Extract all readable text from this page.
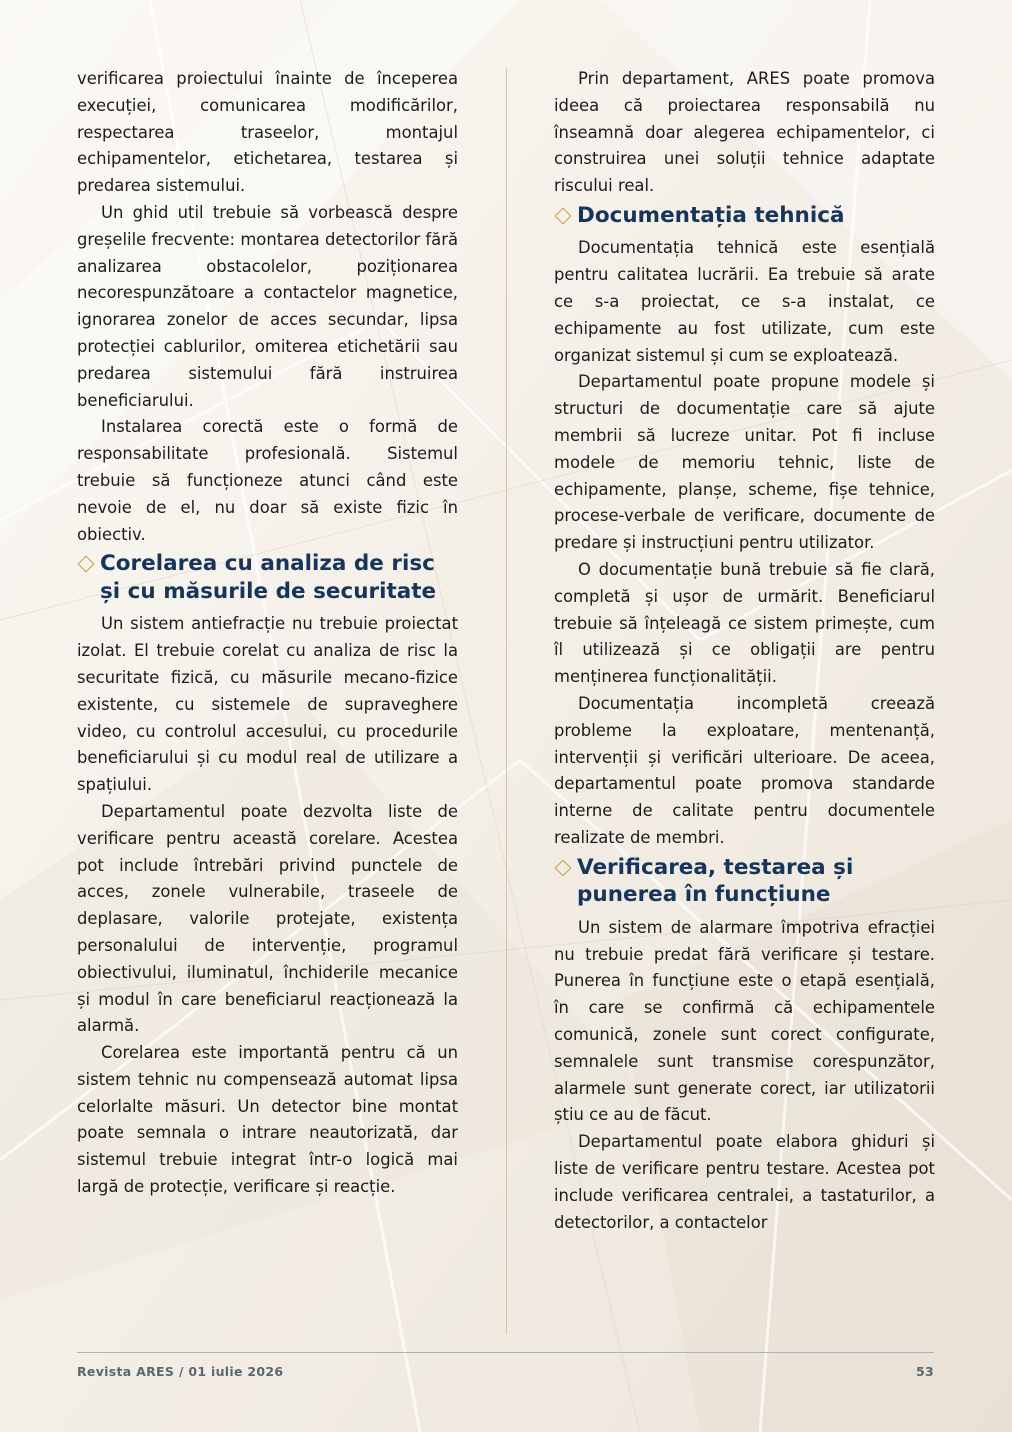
verificarea proiectului înainte de începerea execuției, comunicarea modificărilor, respectarea traseelor, montajul echipamentelor, etichetarea, testarea și predarea sistemului.

Un ghid util trebuie să vorbească despre greșelile frecvente: montarea detectorilor fără analizarea obstacolelor, poziționarea necorespunzătoare a contactelor magnetice, ignorarea zonelor de acces secundar, lipsa protecției cablurilor, omiterea etichetării sau predarea sistemului fără instruirea beneficiarului.

Instalarea corectă este o formă de responsabilitate profesională. Sistemul trebuie să funcționeze atunci când este nevoie de el, nu doar să existe fizic în obiectiv.

Corelarea cu analiza de risc și cu măsurile de securitate

Un sistem antiefracție nu trebuie proiectat izolat. El trebuie corelat cu analiza de risc la securitate fizică, cu măsurile mecano-fizice existente, cu sistemele de supraveghere video, cu controlul accesului, cu procedurile beneficiarului și cu modul real de utilizare a spațiului.

Departamentul poate dezvolta liste de verificare pentru această corelare. Acestea pot include întrebări privind punctele de acces, zonele vulnerabile, traseele de deplasare, valorile protejate, existența personalului de intervenție, programul obiectivului, iluminatul, închiderile mecanice și modul în care beneficiarul reacționează la alarmă.

Corelarea este importantă pentru că un sistem tehnic nu compensează automat lipsa celorlalte măsuri. Un detector bine montat poate semnala o intrare neautorizată, dar sistemul trebuie integrat într-o logică mai largă de protecție, verificare și reacție.

Prin departament, ARES poate promova ideea că proiectarea responsabilă nu înseamnă doar alegerea echipamentelor, ci construirea unei soluții tehnice adaptate riscului real.

Documentația tehnică

Documentația tehnică este esențială pentru calitatea lucrării. Ea trebuie să arate ce s-a proiectat, ce s-a instalat, ce echipamente au fost utilizate, cum este organizat sistemul și cum se exploatează.

Departamentul poate propune modele și structuri de documentație care să ajute membrii să lucreze unitar. Pot fi incluse modele de memoriu tehnic, liste de echipamente, planșe, scheme, fișe tehnice, procese-verbale de verificare, documente de predare și instrucțiuni pentru utilizator.

O documentație bună trebuie să fie clară, completă și ușor de urmărit. Beneficiarul trebuie să înțeleagă ce sistem primește, cum îl utilizează și ce obligații are pentru menținerea funcționalității.

Documentația incompletă creează probleme la exploatare, mentenanță, intervenții și verificări ulterioare. De aceea, departamentul poate promova standarde interne de calitate pentru documentele realizate de membri.

Verificarea, testarea și punerea în funcțiune

Un sistem de alarmare împotriva efracției nu trebuie predat fără verificare și testare. Punerea în funcțiune este o etapă esențială, în care se confirmă că echipamentele comunică, zonele sunt corect configurate, semnalele sunt transmise corespunzător, alarmele sunt generate corect, iar utilizatorii știu ce au de făcut.

Departamentul poate elabora ghiduri și liste de verificare pentru testare. Acestea pot include verificarea centralei, a tastaturilor, a detectorilor, a contactelor

Revista ARES / 01 iulie 2026	53
